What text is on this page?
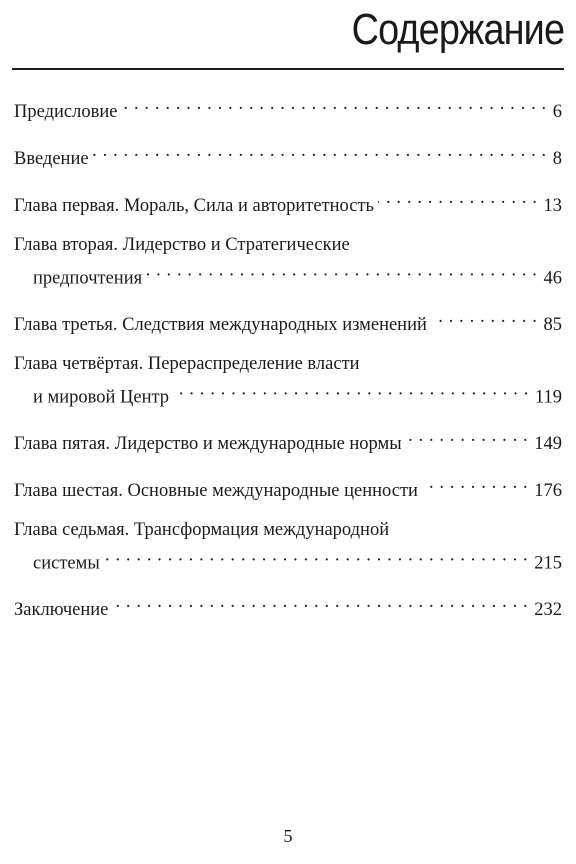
Содержание
Предисловие . . .	6
Введение . . .	8
Глава первая. Мораль, Сила и авторитетность . . .	13
Глава вторая. Лидерство и Стратегические
предпочтения . . .	46
Глава третья. Следствия международных изменений . . .	85
Глава четвёртая. Перераспределение власти
и мировой Центр . . .	119
Глава пятая. Лидерство и международные нормы . . .	149
Глава шестая. Основные международные ценности . . .	176
Глава седьмая. Трансформация международной
системы . . .	215
Заключение . . .	232
5
